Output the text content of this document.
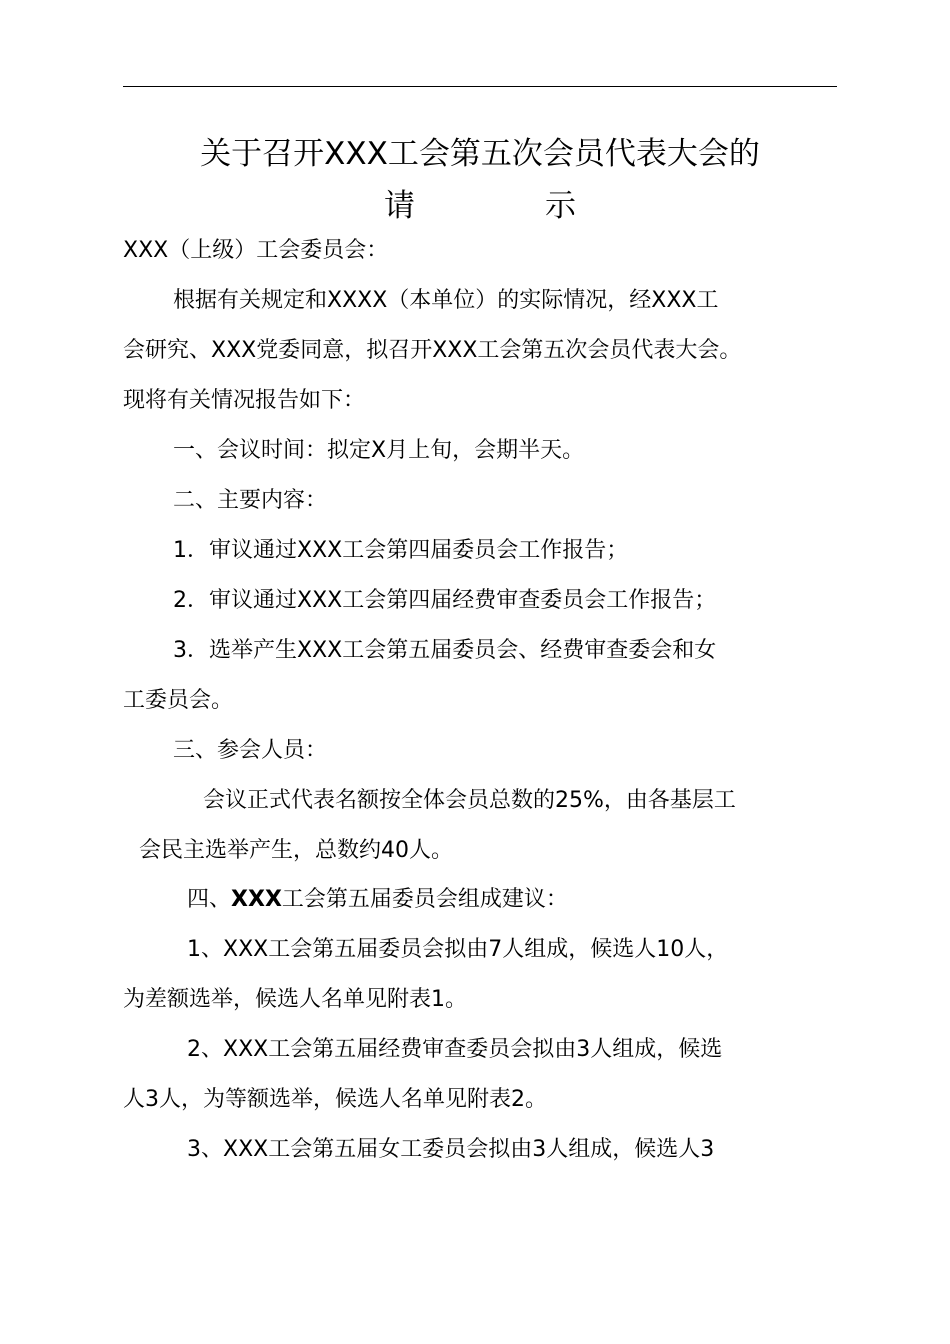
关于召开XXX工会第五次会员代表大会的
请	示
XXX（上级）工会委员会：
根据有关规定和XXXX（本单位）的实际情况，经XXX工
会研究、XXX党委同意，拟召开XXX工会第五次会员代表大会。
现将有关情况报告如下：
一、会议时间：拟定X月上旬，会期半天。
二、主要内容：
1．审议通过XXX工会第四届委员会工作报告；
2．审议通过XXX工会第四届经费审查委员会工作报告；
3．选举产生XXX工会第五届委员会、经费审查委会和女
工委员会。
三、参会人员：
会议正式代表名额按全体会员总数的25%，由各基层工
会民主选举产生，总数约40人。
四、XXX工会第五届委员会组成建议：
1、XXX工会第五届委员会拟由7人组成，候选人10人，
为差额选举，候选人名单见附表1。
2、XXX工会第五届经费审查委员会拟由3人组成，候选
人3人，为等额选举，候选人名单见附表2。
3、XXX工会第五届女工委员会拟由3人组成，候选人3
